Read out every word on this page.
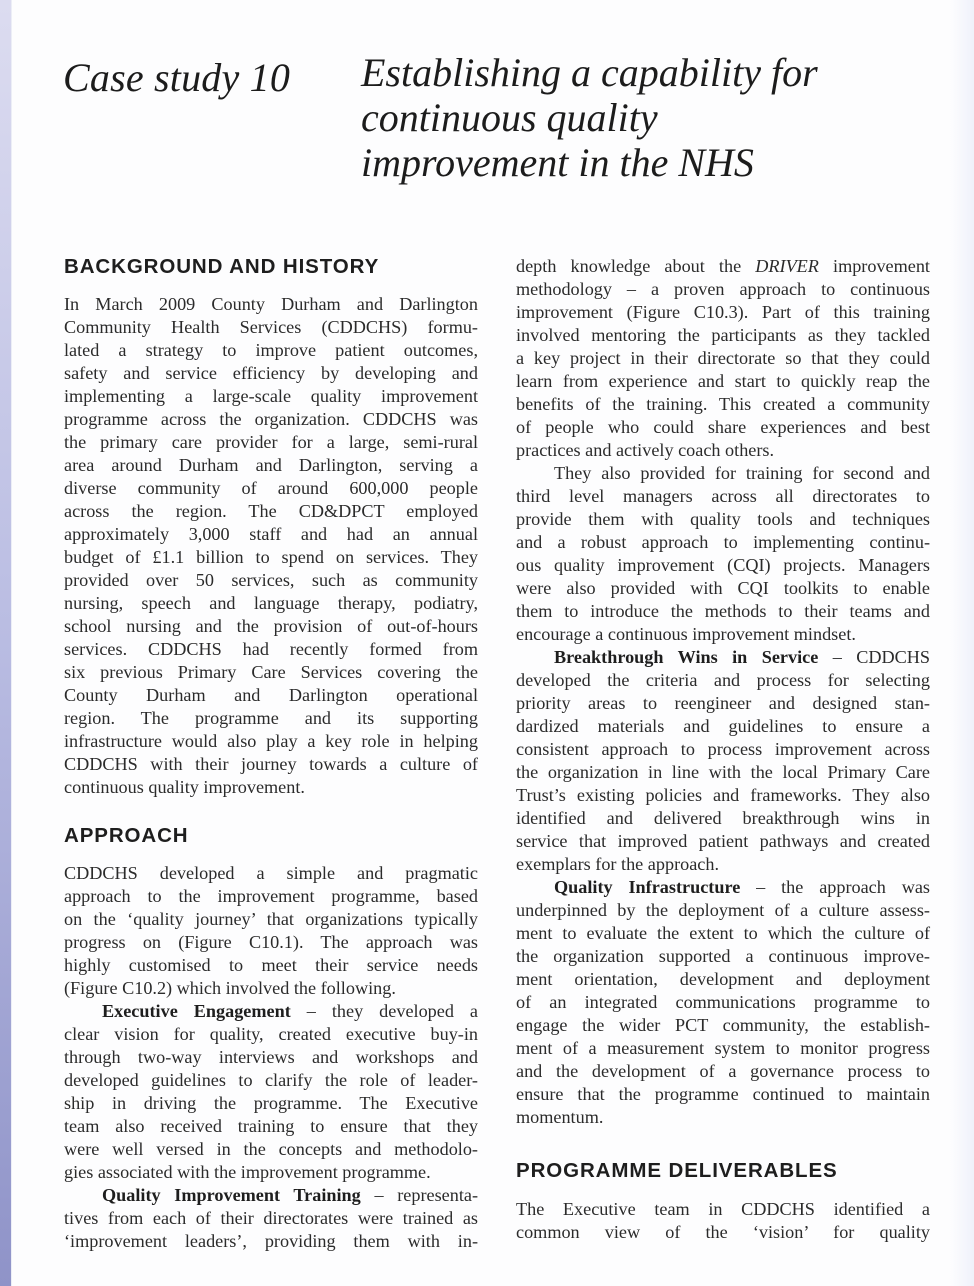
Case study 10 Establishing a capability for
continuous quality
improvement in the NHS
BACKGROUND AND HISTORY
In March 2009 County Durham and Darlington
Community Health Services (CDDCHS) formu-
lated a strategy to improve patient outcomes,
safety and service efficiency by developing and
implementing a large-scale quality improvement
programme across the organization. CDDCHS was
the primary care provider for a large, semi-rural
area around Durham and Darlington, serving a
diverse community of around 600,000 people
across the region. The CD&DPCT employed
approximately 3,000 staff and had an annual
budget of £1.1 billion to spend on services. They
provided over 50 services, such as community
nursing, speech and language therapy, podiatry,
school nursing and the provision of out-of-hours
services. CDDCHS had recently formed from
six previous Primary Care Services covering the
County Durham and Darlington operational
region. The programme and its supporting
infrastructure would also play a key role in helping
CDDCHS with their journey towards a culture of
continuous quality improvement.
APPROACH
CDDCHS developed a simple and pragmatic
approach to the improvement programme, based
on the ‘quality journey’ that organizations typically
progress on (Figure C10.1). The approach was
highly customised to meet their service needs
(Figure C10.2) which involved the following.
Executive Engagement – they developed a
clear vision for quality, created executive buy-in
through two-way interviews and workshops and
developed guidelines to clarify the role of leader-
ship in driving the programme. The Executive
team also received training to ensure that they
were well versed in the concepts and methodolo-
gies associated with the improvement programme.
Quality Improvement Training – representa-
tives from each of their directorates were trained as
‘improvement leaders’, providing them with in-
depth knowledge about the DRIVER improvement
methodology – a proven approach to continuous
improvement (Figure C10.3). Part of this training
involved mentoring the participants as they tackled
a key project in their directorate so that they could
learn from experience and start to quickly reap the
benefits of the training. This created a community
of people who could share experiences and best
practices and actively coach others.
They also provided for training for second and
third level managers across all directorates to
provide them with quality tools and techniques
and a robust approach to implementing continu-
ous quality improvement (CQI) projects. Managers
were also provided with CQI toolkits to enable
them to introduce the methods to their teams and
encourage a continuous improvement mindset.
Breakthrough Wins in Service – CDDCHS
developed the criteria and process for selecting
priority areas to reengineer and designed stan-
dardized materials and guidelines to ensure a
consistent approach to process improvement across
the organization in line with the local Primary Care
Trust’s existing policies and frameworks. They also
identified and delivered breakthrough wins in
service that improved patient pathways and created
exemplars for the approach.
Quality Infrastructure – the approach was
underpinned by the deployment of a culture assess-
ment to evaluate the extent to which the culture of
the organization supported a continuous improve-
ment orientation, development and deployment
of an integrated communications programme to
engage the wider PCT community, the establish-
ment of a measurement system to monitor progress
and the development of a governance process to
ensure that the programme continued to maintain
momentum.
PROGRAMME DELIVERABLES
The Executive team in CDDCHS identified a
common view of the ‘vision’ for quality
